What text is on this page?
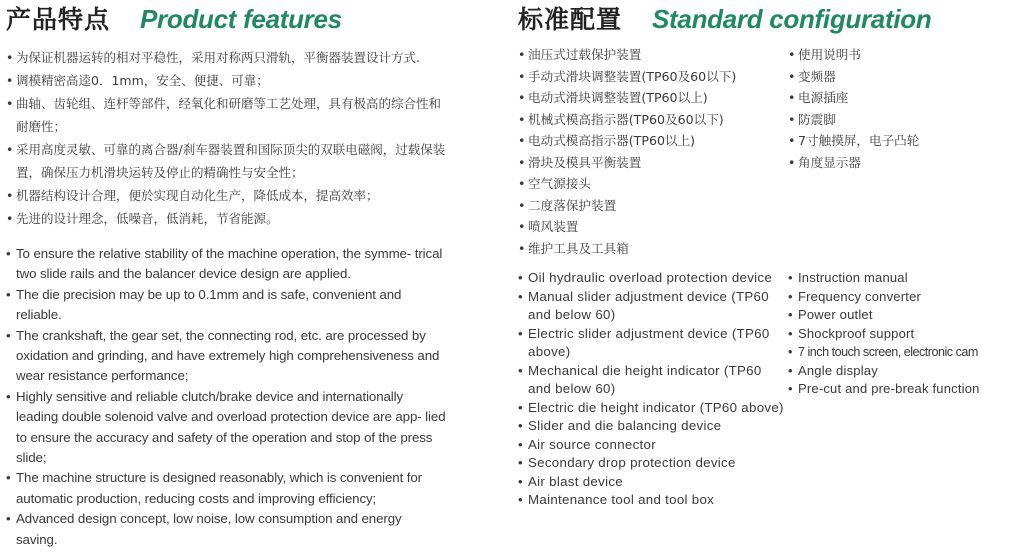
产品特点 Product features
• 为保证机器运转的相对平稳性，采用对称两只滑轨，平衡器装置设计方式.
• 调模精密高逵0．1mm，安全、便捷、可靠；
• 曲轴、齿轮组、连杆等部件，经氧化和研磨等工艺处理，具有极高的综合性和耐磨性；
• 采用高度灵敏、可靠的离合器/刹车器装置和国际顶尖的双联电磁阀，过载保装置，确保压力机滑块运转及停止的精确性与安全性；
• 机器结构设计合理，便於实现自动化生产，降低成本，提高效率；
• 先进的设计理念，低噪音，低消耗，节省能源。
• To ensure the relative stability of the machine operation, the symme- trical two slide rails and the balancer device design are applied.
• The die precision may be up to 0.1mm and is safe, convenient and reliable.
• The crankshaft, the gear set, the connecting rod, etc. are processed by oxidation and grinding, and have extremely high comprehensiveness and wear resistance performance;
• Highly sensitive and reliable clutch/brake device and internationally leading double solenoid valve and overload protection device are app- lied to ensure the accuracy and safety of the operation and stop of the press slide;
• The machine structure is designed reasonably, which is convenient for automatic production, reducing costs and improving efficiency;
• Advanced design concept, low noise, low consumption and energy saving.
标准配置 Standard configuration
• 油压式过载保护装置
• 手动式滑块调整装置(TP60及60以下)
• 电动式滑块调整装置(TP60以上)
• 机械式模高指示器(TP60及60以下)
• 电动式模高指示器(TP60以上)
• 滑块及模具平衡装置
• 空气源接头
• 二度落保护装置
• 喷风装置
• 维护工具及工具箱
• 使用说明书
• 变频器
• 电源插座
• 防震脚
• 7寸触摸屏，电子凸轮
• 角度显示器
• Oil hydraulic overload protection device
• Manual slider adjustment device (TP60 and below 60)
• Electric slider adjustment device (TP60 above)
• Mechanical die height indicator (TP60 and below 60)
• Electric die height indicator (TP60 above)
• Slider and die balancing device
• Air source connector
• Secondary drop protection device
• Air blast device
• Maintenance tool and tool box
• Instruction manual
• Frequency converter
• Power outlet
• Shockproof support
• 7 inch touch screen, electronic cam
• Angle display
• Pre-cut and pre-break function
